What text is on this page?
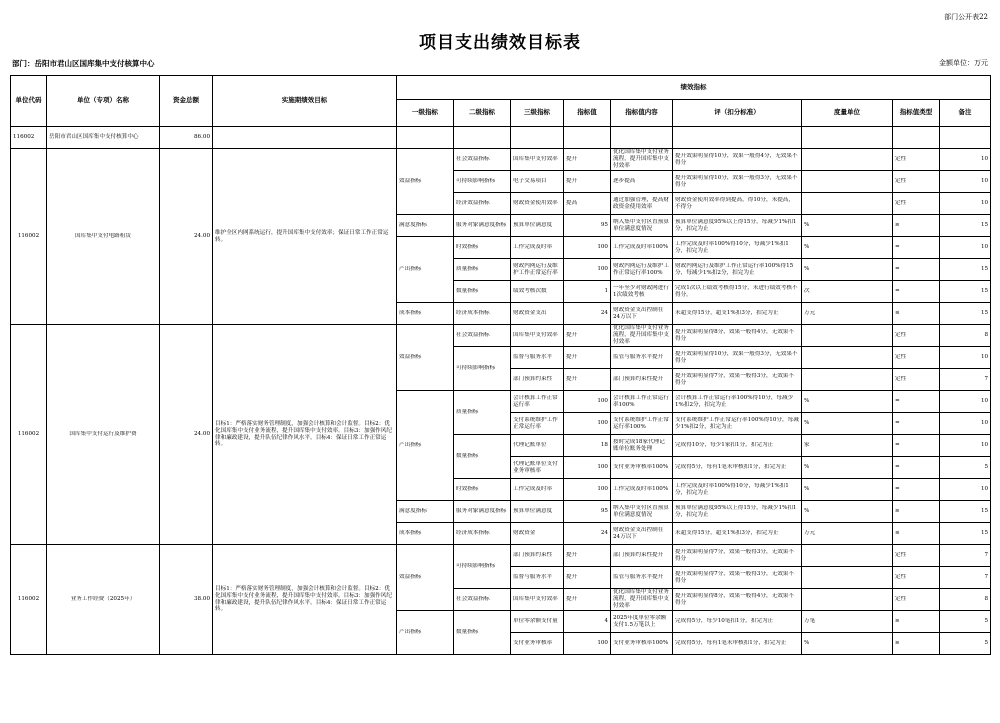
部门公开表22
项目支出绩效目标表
部门：岳阳市君山区国库集中支付核算中心	金额单位：万元
单位代码	单位（专项）名称	资金总额	实施期绩效目标	绩效指标								
				一级指标	二级指标	三级指标	指标值	指标值内容	评（扣分标准）	度量单位	指标值类型	备注
116002	岳阳市君山区国库集中支付核算中心	86.00										

116002	国库集中支付电路租赁	24.00	维护全区内网系统运行，提升国库集中支付效率；保证日常工作正常运转。	效益指标	社会效益指标	国库集中支付效率	提升	优化国库集中支付业务流程，提升国库集中支付效率	提升效果明显得10分，效果一般得4分，无效果不得分		定性	10

					可持续影响指标	电子交易项目	提升	逐步提高	提升效果明显得10分，效果一般得3分，无效果不得分		定性	10

					经济效益指标	财政资金使用效率	提高	通过加强管理，提高财政资金使用效率	财政资金使用效率得到提高，得10分，未提高，不得分		定性	10

				满意度指标	服务对象满意度指标	预算单位满意度	95	纳入集中支付区直预算单位满意度情况	预算单位满意度95%以上得15分，每减少1%扣1分，扣完为止	%	≥	15

				产出指标	时效指标	工作完成及时率	100	工作完成及时率100%	工作完成及时率100%得10分，每减少1%扣1分，扣完为止	%	=	10

					质量指标	财政内网运行及维护工作正常运行率	100	财政内网运行及维护工作正常运行率100%	财政内网运行及维护工作正常运行率100%得15分，每减少1%扣2分，扣完为止	%	=	15

					数量指标	绩效考核次数	1	一年至少对财政网进行1次绩效考核	完成1次以上绩效考核得15分，未进行绩效考核不得分。	次	=	15

				成本指标	经济成本指标	财政资金支出	24	财政资金支出控制在24万以下	未超支得15分，超支1%扣3分，扣完为止	万元	≤	15

116002	国库集中支付运行及维护费	24.00	目标1：严格落实财务管理制度，加强会计核算和会计监督。目标2：优化国库集中支付业务流程，提升国库集中支付效率。目标3：加强作风纪律和廉政建设，提升队伍纪律作风水平。目标4：保证日常工作正常运转。	效益指标	社会效益指标	国库集中支付效率	提升	优化国库集中支付业务流程，提升国库集中支付效率	提升效果明显得8分，效果一般得4分，无效果不得分		定性	8

					可持续影响指标	监督与服务水平	提升	监管与服务水平提升	提升效果明显得10分，效果一般得3分，无效果不得分		定性	10

						部门预算约束性	提升	部门预算约束性提升	提升效果明显得7分，效果一般得3分，无效果不得分		定性	7

				产出指标	质量指标	会计核算工作正常运行率	100	会计核算工作正常运行率100%	会计核算工作正常运行率100%得10分，每减少1%扣2分，扣完为止	%	=	10

						支付系统维护工作正常运行率	100	支付系统维护工作正常运行率100%	支付系统维护工作正常运行率100%得10分，每减少1%扣2分，扣完为止	%	=	10

					数量指标	代理记账单位	18	按时完成18家代理记账单位账务处理	完成得10分，每少1家扣1分，扣完为止	家	=	10

						代理记账单位支付业务审核率	100	支付业务审核率100%	完成得5分，每有1笔未审核扣1分，扣完为止	%	=	5

					时效指标	工作完成及时率	100	工作完成及时率100%	工作完成及时率100%得10分，每减少1%扣1分，扣完为止	%	=	10

				满意度指标	服务对象满意度指标	预算单位满意度	95	纳入集中支付区直预算单位满意度情况	预算单位满意度95%以上得15分，每减少1%扣1分，扣完为止	%	≥	15

				成本指标	经济成本指标	财政资金	24	财政资金支出控制在24万以下	未超支得15分，超支1%扣3分，扣完为止	万元	≤	15

116002	业务工作经费（2025年）	38.00	目标1：严格落实财务管理制度，加强会计核算和会计监督。目标2：优化国库集中支付业务流程，提升国库集中支付效率。目标3：加强作风纪律和廉政建设，提升队伍纪律作风水平。目标4：保证日常工作正常运转。	效益指标	可持续影响指标	部门预算约束性	提升	部门预算约束性提升	提升效果明显得7分，效果一般得3分，无效果不得分		定性	7

						监督与服务水平	提升	监管与服务水平提升	提升效果明显得7分，效果一般得3分，无效果不得分		定性	7

					社会效益指标	国库集中支付效率	提升	优化国库集中支付业务流程，提升国库集中支付效率	提升效果明显得8分，效果一般得4分，无效果不得分		定性	8

				产出指标	数量指标	单位零余额支付量	4	2025年度单位零余额支付1.5万笔以上	完成得5分，每少10笔扣1分，扣完为止	万笔	≥	5

						支付业务审核率	100	支付业务审核率100%	完成得5分，每有1笔未审核扣1分，扣完为止	%	≥	5
